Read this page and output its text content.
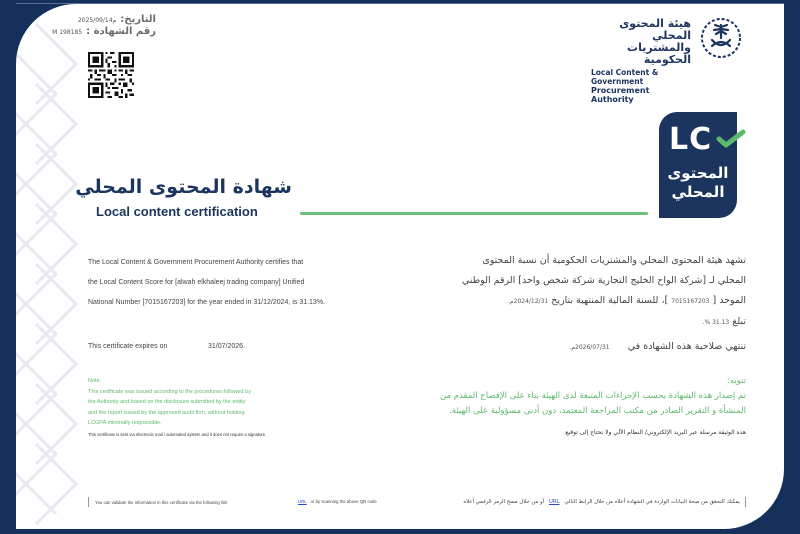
2025/09/14م التاريخ:
M 198185 رقم الشهادة :
هيئة المحتوى المحلي
والمشتريات الحكومية
Local Content & Government
Procurement Authority
LC
المحتوى
المحلي
شهادة المحتوى المحلي
Local content certification
The Local Content & Government Procurement Authority certifies that
the Local Content Score for [alwah elkhaleej trading company] Unified
National Number [7015167203] for the year ended in 31/12/2024, is 31.13%.
This certificate expires on	31/07/2026.
تشهد هيئة المحتوى المحلي والمشتريات الحكومية أن نسبة المحتوى
المحلي لـ [شركة الواح الخليج التجارية شركة شخص واحد] الرقم الوطني
الموحد [ 7015167203 ]، للسنة المالية المنتهية بتاريخ 2024/12/31م.
تبلغ 31.13 %.
تنتهي صلاحية هذه الشهادة في      2026/07/31م.
Note:
This certificate was issued according to the procedures followed by
the Authority and based on the disclosure submitted by the entity
and the report issued by the approved audit firm, without holding
LCGPA minimally responsible.
This certificate is sent via electronic mail / automated system and it does not require a signature.
تنويه:
تم إصدار هذه الشهادة بحسب الإجراءات المتبعة لدى الهيئة بناء على الإفصاح المقدم من
المنشأة و التقرير الصادر من مكتب المراجعة المعتمد، دون أدنى مسؤولية على الهيئة.
هذه الوثيقة مرسلة عبر البريد الإلكتروني/ النظام الآلي ولا تحتاج إلى توقيع
You can validate the information in this certificate via the following link	URL or by scanning the above QR code	يمكنك التحقق من صحة البيانات الواردة في الشهادة أعلاه من خلال الرابط التالي
URL
أو من خلال مسح الرمز الرقمي أعلاه
